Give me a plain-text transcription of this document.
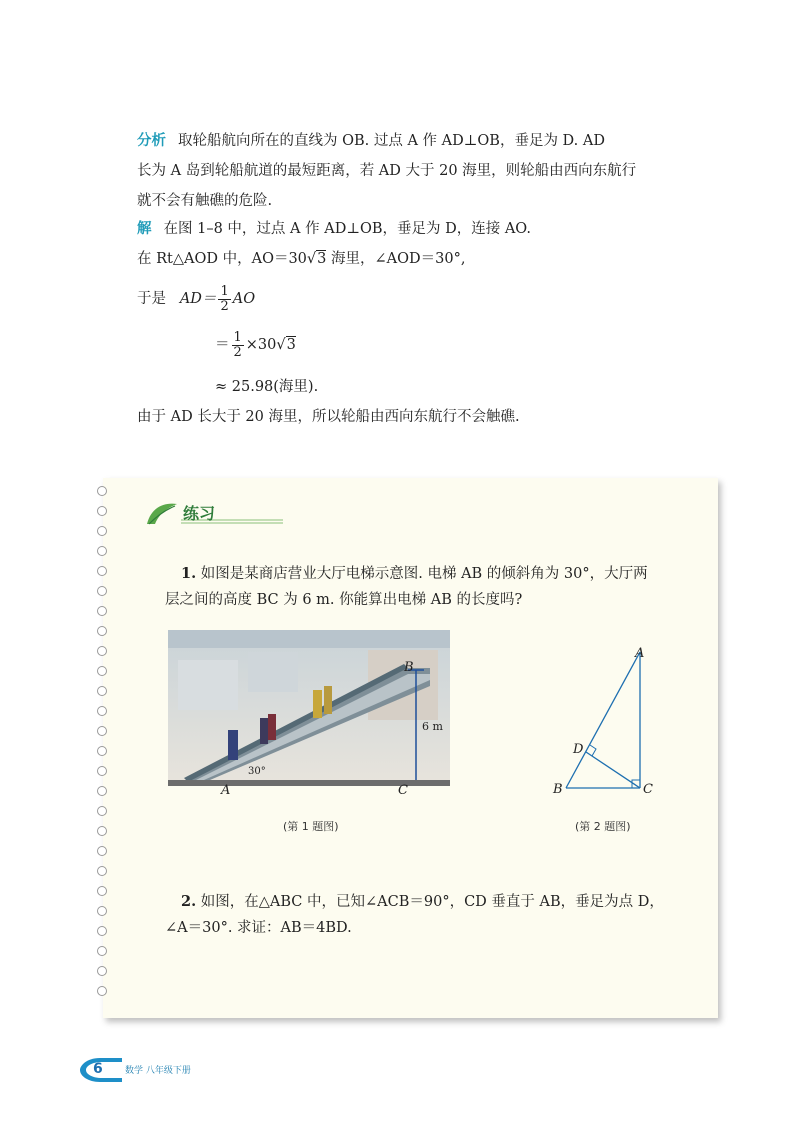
分析 取轮船航向所在的直线为 OB. 过点 A 作 AD⊥OB，垂足为 D. AD
长为 A 岛到轮船航道的最短距离，若 AD 大于 20 海里，则轮船由西向东航行
就不会有触礁的危险.
解 在图 1–8 中，过点 A 作 AD⊥OB，垂足为 D，连接 AO.
在 Rt△AOD 中，AO＝30√3 海里，∠AOD＝30°,
于是 $AD= \frac{1}{2}$ AO
＝ $\frac{1}{2} \times 30√3$
≈ 25.98(海里).
由于 AD 长大于 20 海里，所以轮船由西向东航行不会触礁.
练习
1. 如图是某商店营业大厅电梯示意图. 电梯 AB 的倾斜角为 30°，大厅两
层之间的高度 BC 为 6 m. 你能算出电梯 AB 的长度吗?
B
6 m
30°
A	C
(第 1 题图)
A
D
B	C
(第 2 题图)
2. 如图，在△ABC 中，已知∠ACB＝90°，CD 垂直于 AB，垂足为点 D，
∠A＝30°. 求证：AB＝4BD.
6 数学 八年级下册
